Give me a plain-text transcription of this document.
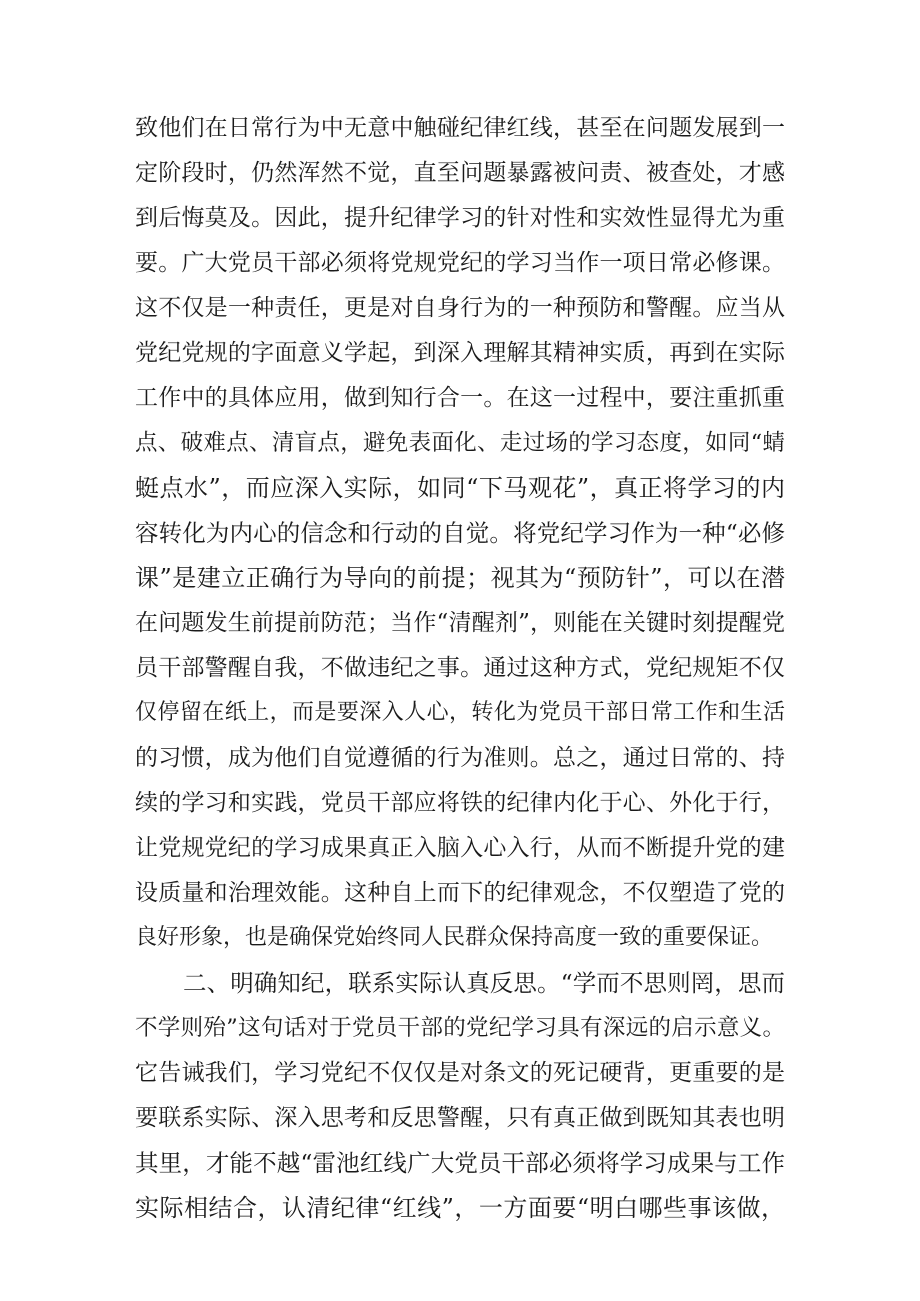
致他们在日常行为中无意中触碰纪律红线，甚至在问题发展到一
定阶段时，仍然浑然不觉，直至问题暴露被问责、被查处，才感
到后悔莫及。因此，提升纪律学习的针对性和实效性显得尤为重
要。广大党员干部必须将党规党纪的学习当作一项日常必修课。
这不仅是一种责任，更是对自身行为的一种预防和警醒。应当从
党纪党规的字面意义学起，到深入理解其精神实质，再到在实际
工作中的具体应用，做到知行合一。在这一过程中，要注重抓重
点、破难点、清盲点，避免表面化、走过场的学习态度，如同“蜻
蜓点水”，而应深入实际，如同“下马观花”，真正将学习的内
容转化为内心的信念和行动的自觉。将党纪学习作为一种“必修
课”是建立正确行为导向的前提；视其为“预防针”，可以在潜
在问题发生前提前防范；当作“清醒剂”，则能在关键时刻提醒党
员干部警醒自我，不做违纪之事。通过这种方式，党纪规矩不仅
仅停留在纸上，而是要深入人心，转化为党员干部日常工作和生活
的习惯，成为他们自觉遵循的行为准则。总之，通过日常的、持
续的学习和实践，党员干部应将铁的纪律内化于心、外化于行，
让党规党纪的学习成果真正入脑入心入行，从而不断提升党的建
设质量和治理效能。这种自上而下的纪律观念，不仅塑造了党的
良好形象，也是确保党始终同人民群众保持高度一致的重要保证。
二、明确知纪，联系实际认真反思。“学而不思则罔，思而
不学则殆”这句话对于党员干部的党纪学习具有深远的启示意义。
它告诫我们，学习党纪不仅仅是对条文的死记硬背，更重要的是
要联系实际、深入思考和反思警醒，只有真正做到既知其表也明
其里，才能不越“雷池红线广大党员干部必须将学习成果与工作
实际相结合，认清纪律“红线”，一方面要“明白哪些事该做，
